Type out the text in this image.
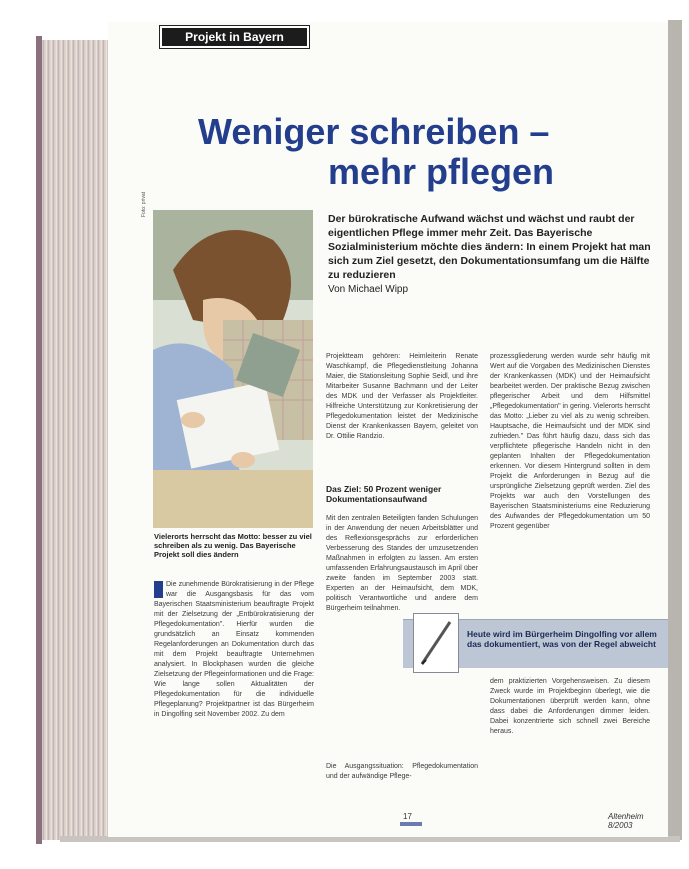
Projekt in Bayern
Weniger schreiben –
mehr pflegen
Foto: privat
Vielerorts herrscht das Motto: besser zu viel schreiben als zu wenig. Das Bayerische Projekt soll dies ändern
Der bürokratische Aufwand wächst und wächst und raubt der eigentlichen Pflege immer mehr Zeit. Das Bayerische Sozialministerium möchte dies ändern: In einem Projekt hat man sich zum Ziel gesetzt, den Dokumentationsumfang um die Hälfte zu reduzieren
Von Michael Wipp
Die zunehmende Bürokratisierung in der Pflege war die Ausgangsbasis für das vom Bayerischen Staatsministerium beauftragte Projekt mit der Zielsetzung der „Entbürokratisierung der Pflegedokumentation". Hierfür wurden die grundsätzlich an Einsatz kommenden Regelanforderungen an Dokumentation durch das mit dem Projekt beauftragte Unternehmen analysiert. In Blockphasen wurden die gleiche Zielsetzung der Pflegeinformationen und die Frage: Wie lange sollen Aktualitäten der Pflegedokumentation für die individuelle Pflegeplanung? Projektpartner ist das Bürgerheim in Dingolfing seit November 2002. Zu dem
Projektteam gehören: Heimleiterin Renate Waschkampf, die Pflegedienstleitung Johanna Maier, die Stationsleitung Sophie Seidl, und ihre Mitarbeiter Susanne Bachmann und der Leiter des MDK und der Verfasser als Projektleiter. Hilfreiche Unterstützung zur Konkretisierung der Pflegedokumentation leistet der Medizinische Dienst der Krankenkassen Bayern, geleitet von Dr. Ottilie Randzio.
Das Ziel: 50 Prozent weniger Dokumentationsaufwand
Mit den zentralen Beteiligten fanden Schulungen in der Anwendung der neuen Arbeitsblätter und des Reflexionsgesprächs zur erforderlichen Verbesserung des Standes der umzusetzenden Maßnahmen in erfolgten zu lassen. Am ersten umfassenden Erfahrungsaustausch im April über zweite fanden im September 2003 statt. Experten an der Heimaufsicht, dem MDK, politisch Verantwortliche und andere dem Bürgerheim teilnahmen.
Die Ausgangssituation: Pflegedokumentation und der aufwändige Pflege-
prozessgliederung werden wurde sehr häufig mit Wert auf die Vorgaben des Medizinischen Dienstes der Krankenkassen (MDK) und der Heimaufsicht bearbeitet werden. Der praktische Bezug zwischen pflegerischer Arbeit und dem Hilfsmittel „Pflegedokumentation" in gering. Vielerorts herrscht das Motto: „Lieber zu viel als zu wenig schreiben. Hauptsache, die Heimaufsicht und der MDK sind zufrieden." Das führt häufig dazu, dass sich das verpflichtete pflegerische Handeln nicht in den geplanten Inhalten der Pflegedokumentation erkennen. Vor diesem Hintergrund sollten in dem Projekt die Anforderungen in Bezug auf die ursprüngliche Zielsetzung geprüft werden. Ziel des Projekts war auch den Vorstellungen des Bayerischen Staatsministeriums eine Reduzierung des Aufwandes der Pflegedokumentation um 50 Prozent gegenüber
Heute wird im Bürgerheim Dingolfing vor allem das dokumentiert, was von der Regel abweicht
dem praktizierten Vorgehensweisen. Zu diesem Zweck wurde im Projektbeginn überlegt, wie die Dokumentationen überprüft werden kann, ohne dass dabei die Anforderungen dimmer leiden. Dabei konzentrierte sich schnell zwei Bereiche heraus.
17	Altenheim 8/2003
